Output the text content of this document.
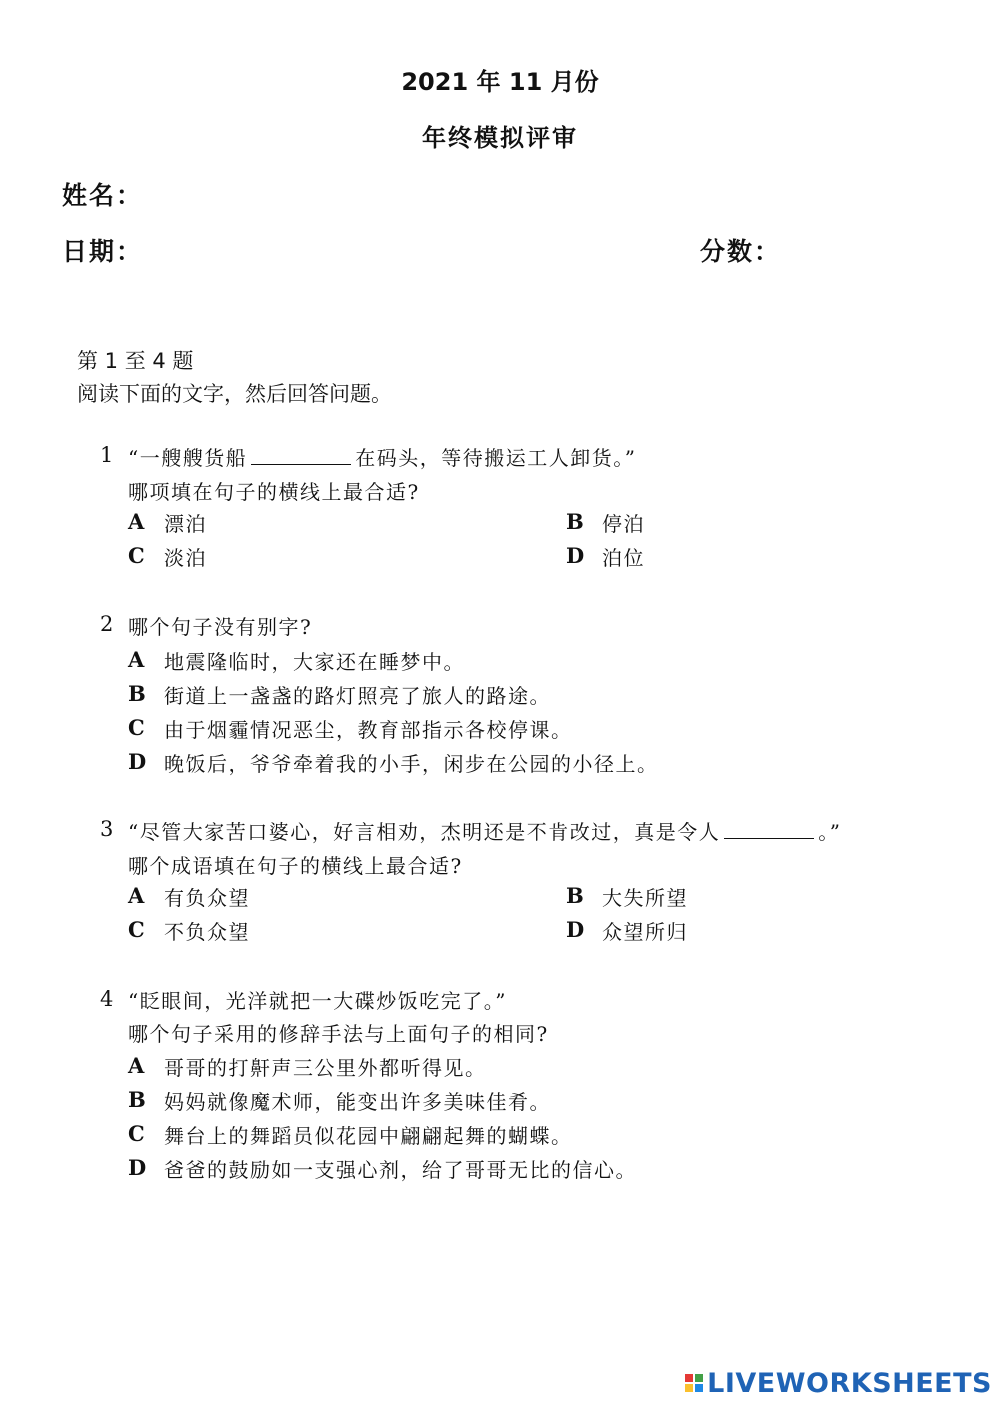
2021 年 11 月份
年终模拟评审
姓名：
日期：	分数：
第 1 至 4 题
阅读下面的文字，然后回答问题。
1 “一艘艘货船	在码头，等待搬运工人卸货。”
哪项填在句子的横线上最合适?
A 漂泊	B 停泊
C 淡泊	D 泊位
2 哪个句子没有别字?
A 地震隆临时，大家还在睡梦中。
B 街道上一盏盏的路灯照亮了旅人的路途。
C 由于烟霾情况恶尘，教育部指示各校停课。
D 晚饭后，爷爷牵着我的小手，闲步在公园的小径上。
3 “尽管大家苦口婆心，好言相劝，杰明还是不肯改过，真是令人	。”
哪个成语填在句子的横线上最合适?
A 有负众望	B 大失所望
C 不负众望	D 众望所归
4 “眨眼间，光洋就把一大碟炒饭吃完了。”
哪个句子采用的修辞手法与上面句子的相同?
A 哥哥的打鼾声三公里外都听得见。
B 妈妈就像魔术师，能变出许多美味佳肴。
C 舞台上的舞蹈员似花园中翩翩起舞的蝴蝶。
D 爸爸的鼓励如一支强心剂，给了哥哥无比的信心。
LIVEWORKSHEETS
